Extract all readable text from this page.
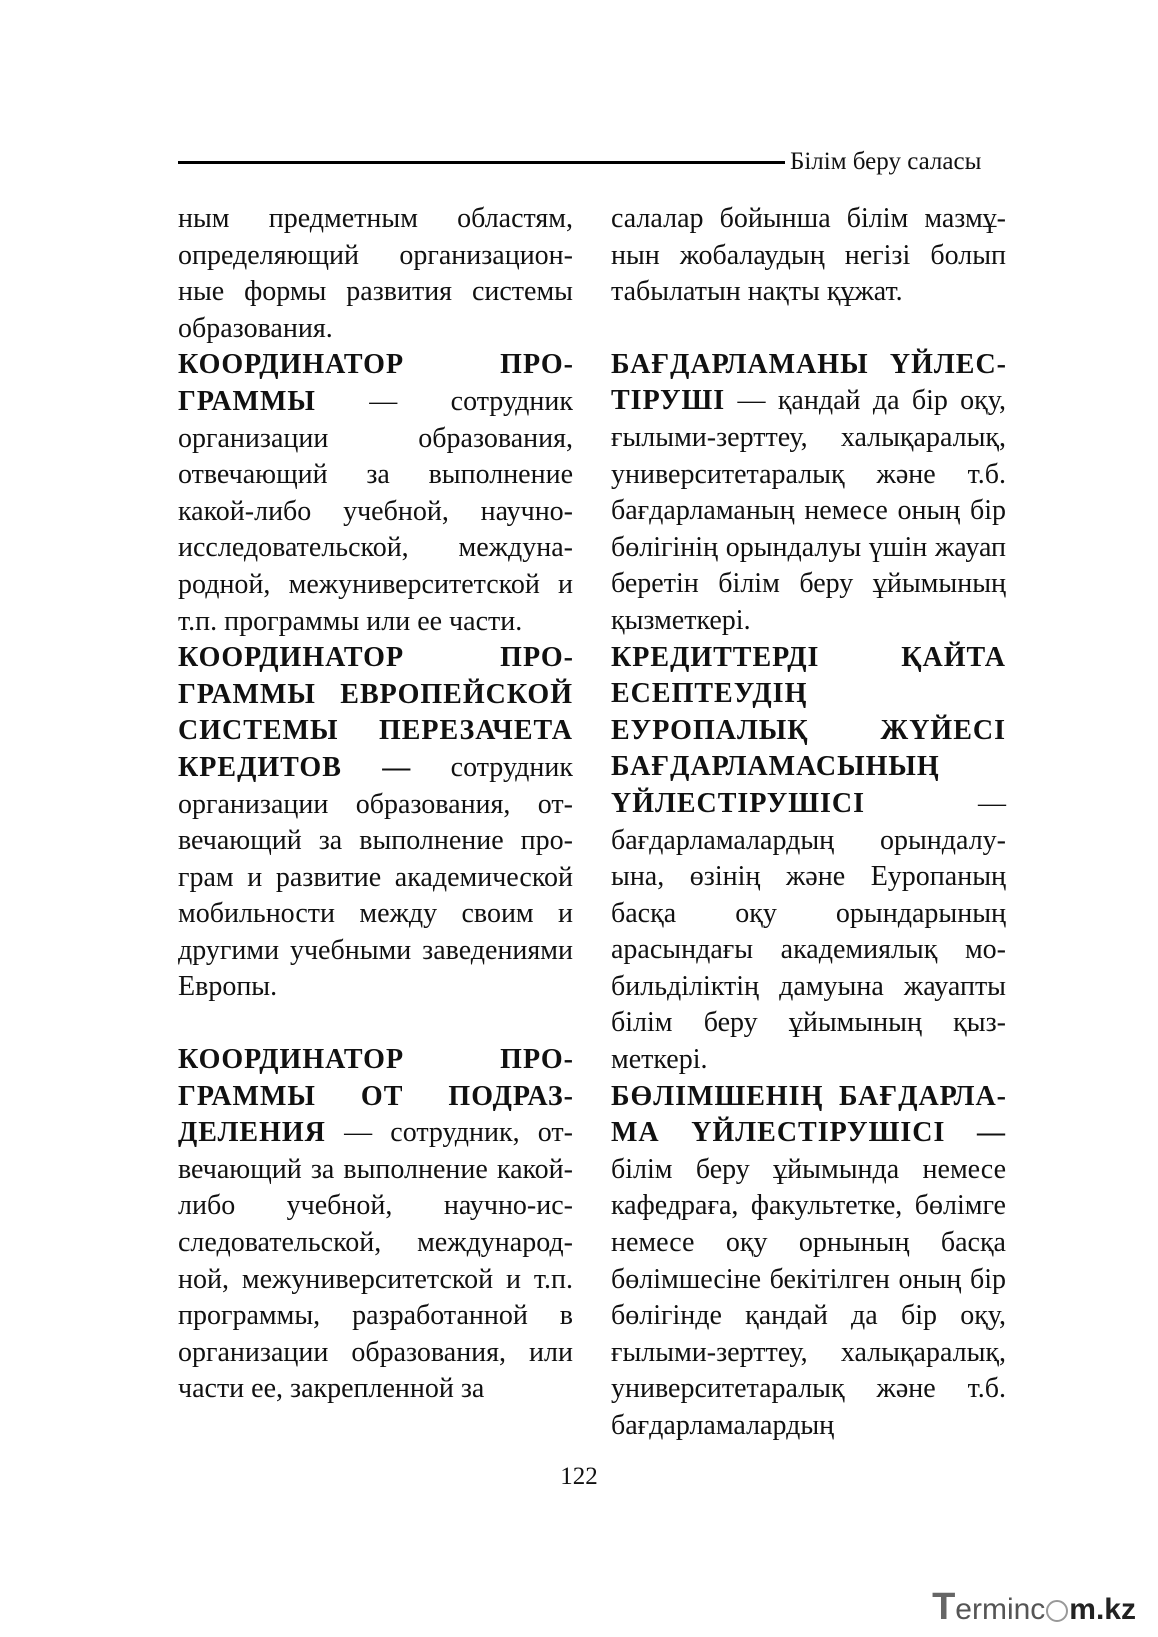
Білім беру саласы

ным предметным областям, определяющий организационные формы развития системы образования.

КООРДИНАТОР ПРОГРАММЫ — сотрудник организации образования, отвечающий за выполнение какой-либо учебной, научно-исследовательской, международной, межуниверситетской и т.п. программы или ее части.

КООРДИНАТОР ПРОГРАММЫ ЕВРОПЕЙСКОЙ СИСТЕМЫ ПЕРЕЗАЧЕТА КРЕДИТОВ — сотрудник организации образования, отвечающий за выполнение програм и развитие академической мобильности между своим и другими учебными заведениями Европы.

КООРДИНАТОР ПРОГРАММЫ ОТ ПОДРАЗДЕЛЕНИЯ — сотрудник, отвечающий за выполнение какой-либо учебной, научно-исследовательской, международной, межуниверситетской и т.п. программы, разработанной в организации образования, или части ее, закрепленной за

салалар бойынша білім мазмұнын жобалаудың негізі болып табылатын нақты құжат.

БАҒДАРЛАМАНЫ ҮЙЛЕСТІРУШІ — қандай да бір оқу, ғылыми-зерттеу, халықаралық, университетаралық және т.б. бағдарламаның немесе оның бір бөлігінің орындалуы үшін жауап беретін білім беру ұйымының қызметкері.

КРЕДИТТЕРДІ ҚАЙТА ЕСЕПТЕУДІҢ ЕУРОПАЛЫҚ ЖҮЙЕСІ БАҒДАРЛАМАСЫНЫҢ ҮЙЛЕСТІРУШІСІ — бағдарламалардың орындалуына, өзінің және Еуропаның басқа оқу орындарының арасындағы академиялық мобильділіктің дамуына жауапты білім беру ұйымының қызметкері.

БӨЛІМШЕНІҢ БАҒДАРЛАМА ҮЙЛЕСТІРУШІСІ — білім беру ұйымында немесе кафедраға, факультетке, бөлімге немесе оқу орнының басқа бөлімшесіне бекітілген оның бір бөлігінде қандай да бір оқу, ғылыми-зерттеу, халықаралық, университетаралық және т.б. бағдарламалардың

122
Terminc m.kz
